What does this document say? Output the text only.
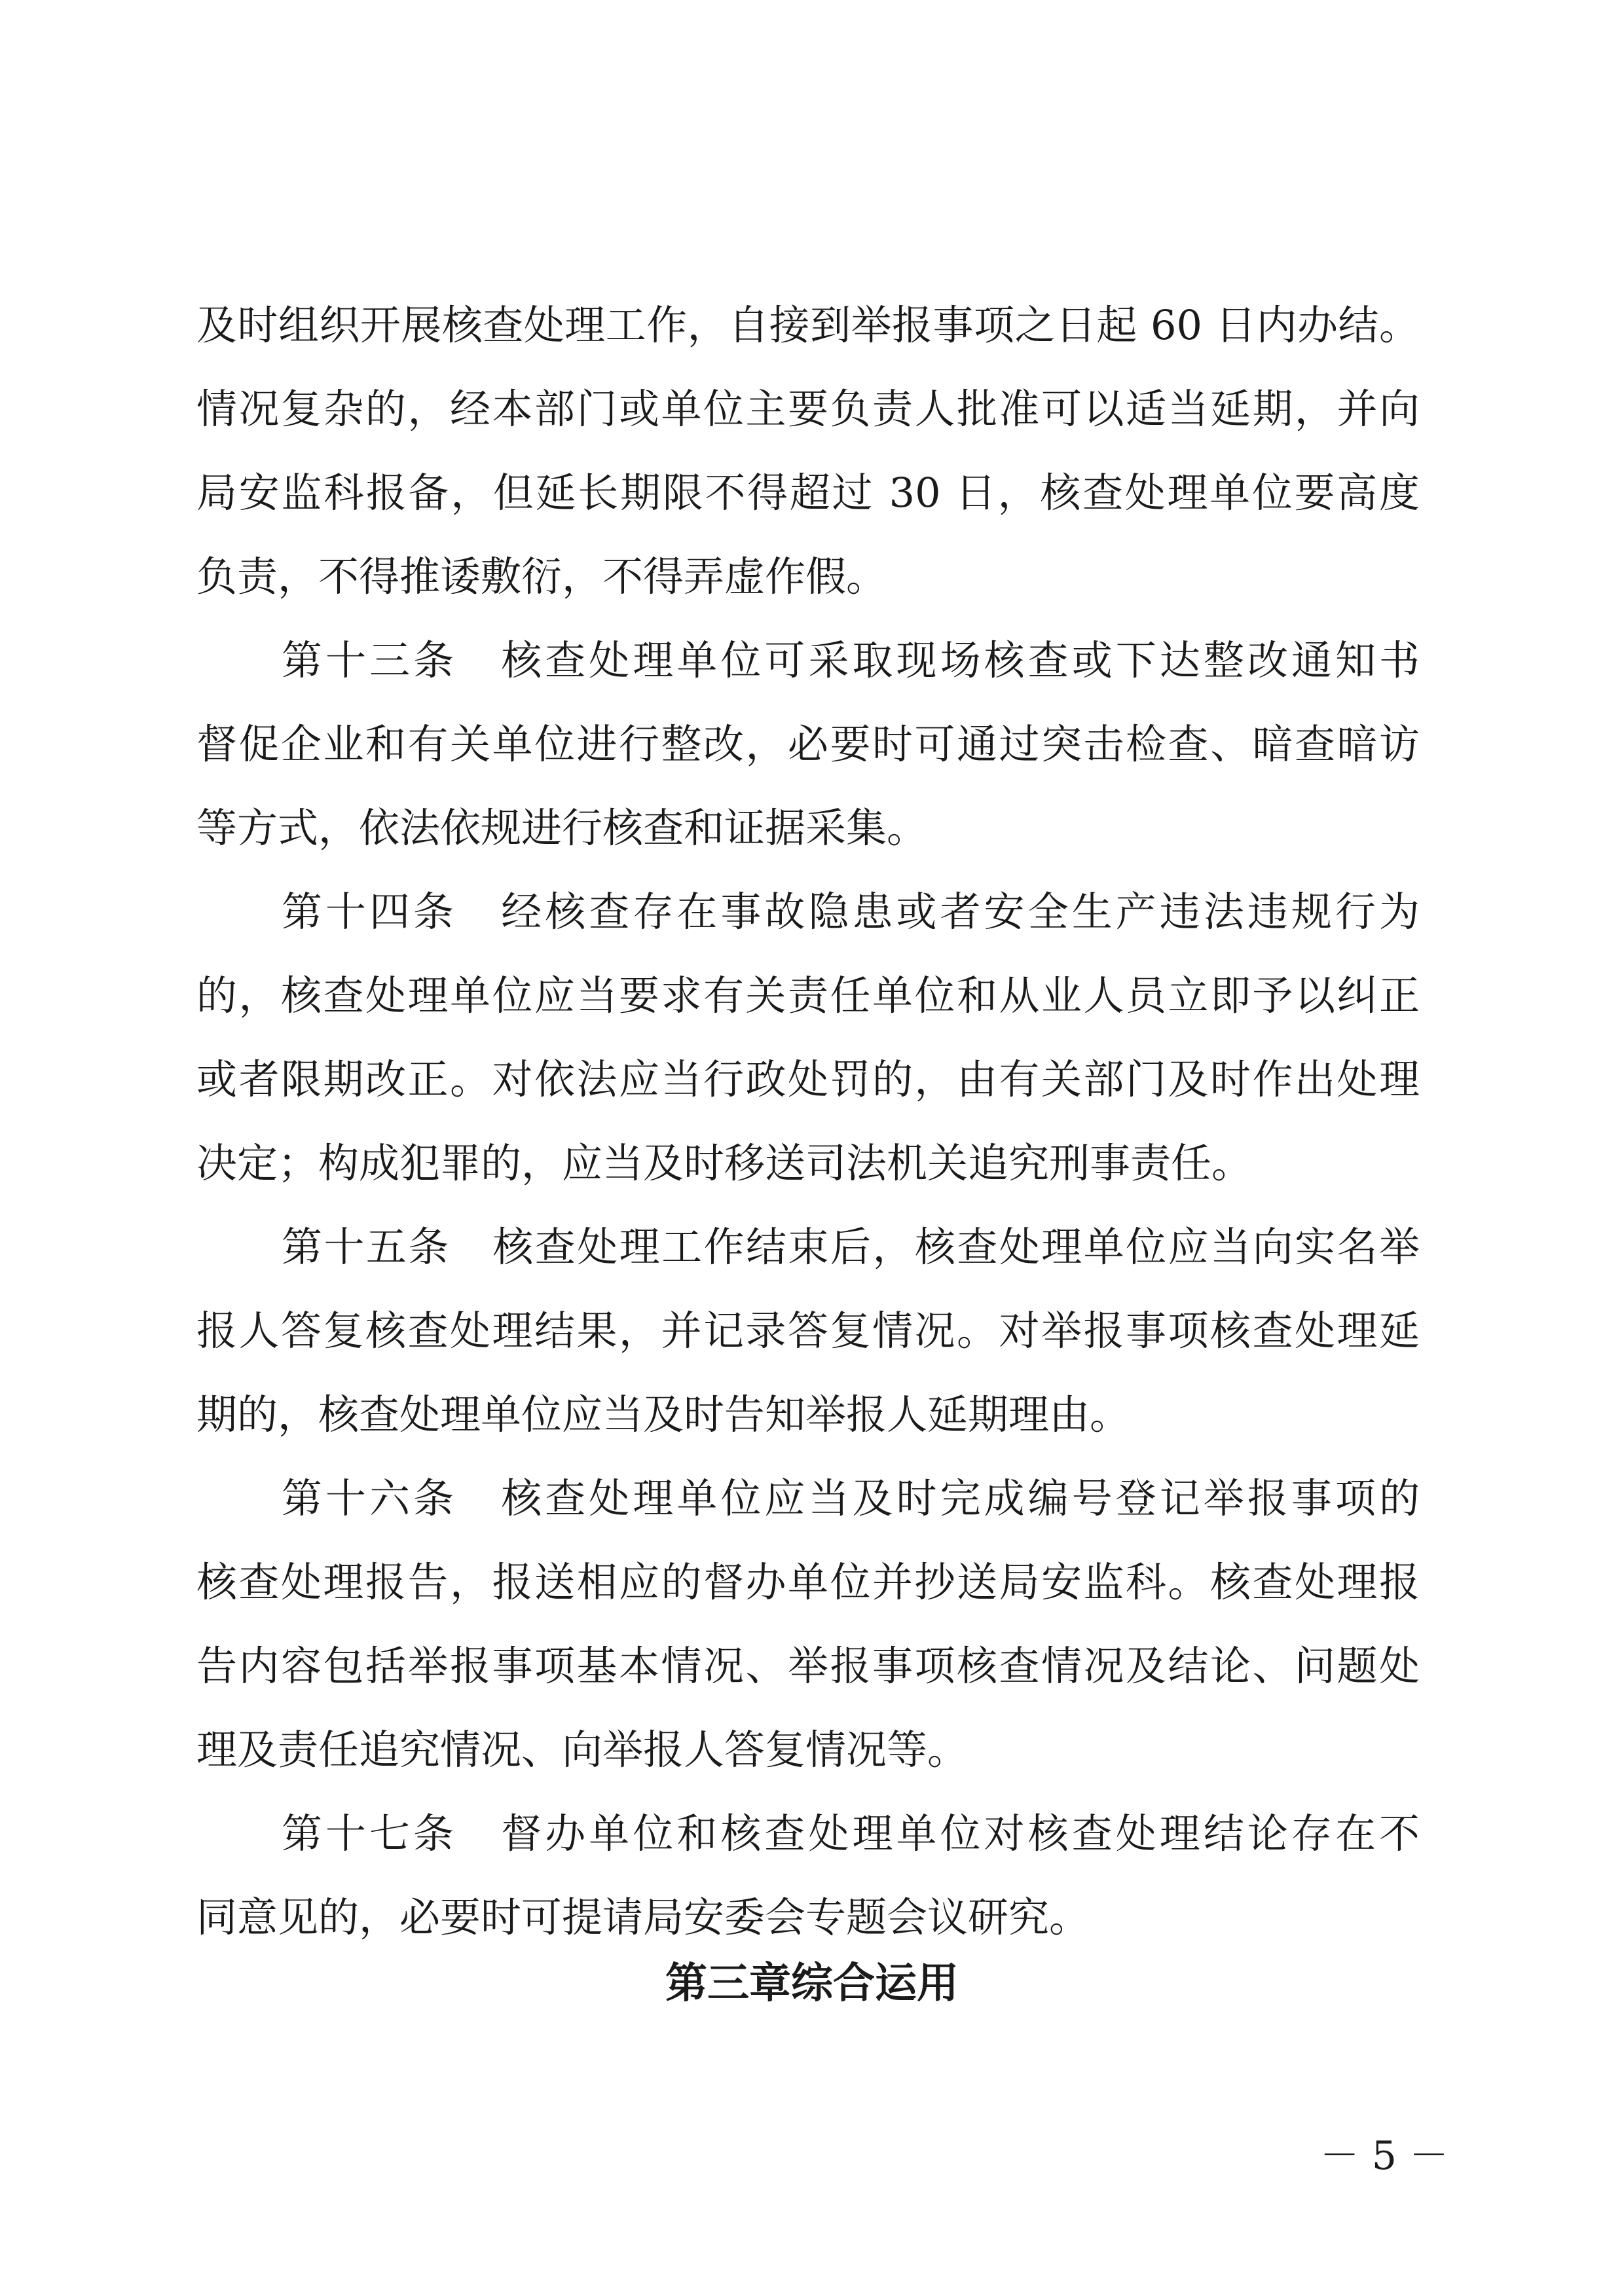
及时组织开展核查处理工作，自接到举报事项之日起 60 日内办结。

情况复杂的，经本部门或单位主要负责人批准可以适当延期，并向

局安监科报备，但延长期限不得超过 30 日，核查处理单位要高度

负责，不得推诿敷衍，不得弄虚作假。

第十三条　核查处理单位可采取现场核查或下达整改通知书

督促企业和有关单位进行整改，必要时可通过突击检查、暗查暗访

等方式，依法依规进行核查和证据采集。

第十四条　经核查存在事故隐患或者安全生产违法违规行为

的，核查处理单位应当要求有关责任单位和从业人员立即予以纠正

或者限期改正。对依法应当行政处罚的，由有关部门及时作出处理

决定；构成犯罪的，应当及时移送司法机关追究刑事责任。

第十五条　核查处理工作结束后，核查处理单位应当向实名举

报人答复核查处理结果，并记录答复情况。对举报事项核查处理延

期的，核查处理单位应当及时告知举报人延期理由。

第十六条　核查处理单位应当及时完成编号登记举报事项的

核查处理报告，报送相应的督办单位并抄送局安监科。核查处理报

告内容包括举报事项基本情况、举报事项核查情况及结论、问题处

理及责任追究情况、向举报人答复情况等。

第十七条　督办单位和核查处理单位对核查处理结论存在不

同意见的，必要时可提请局安委会专题会议研究。

第三章综合运用

－ 5 －
